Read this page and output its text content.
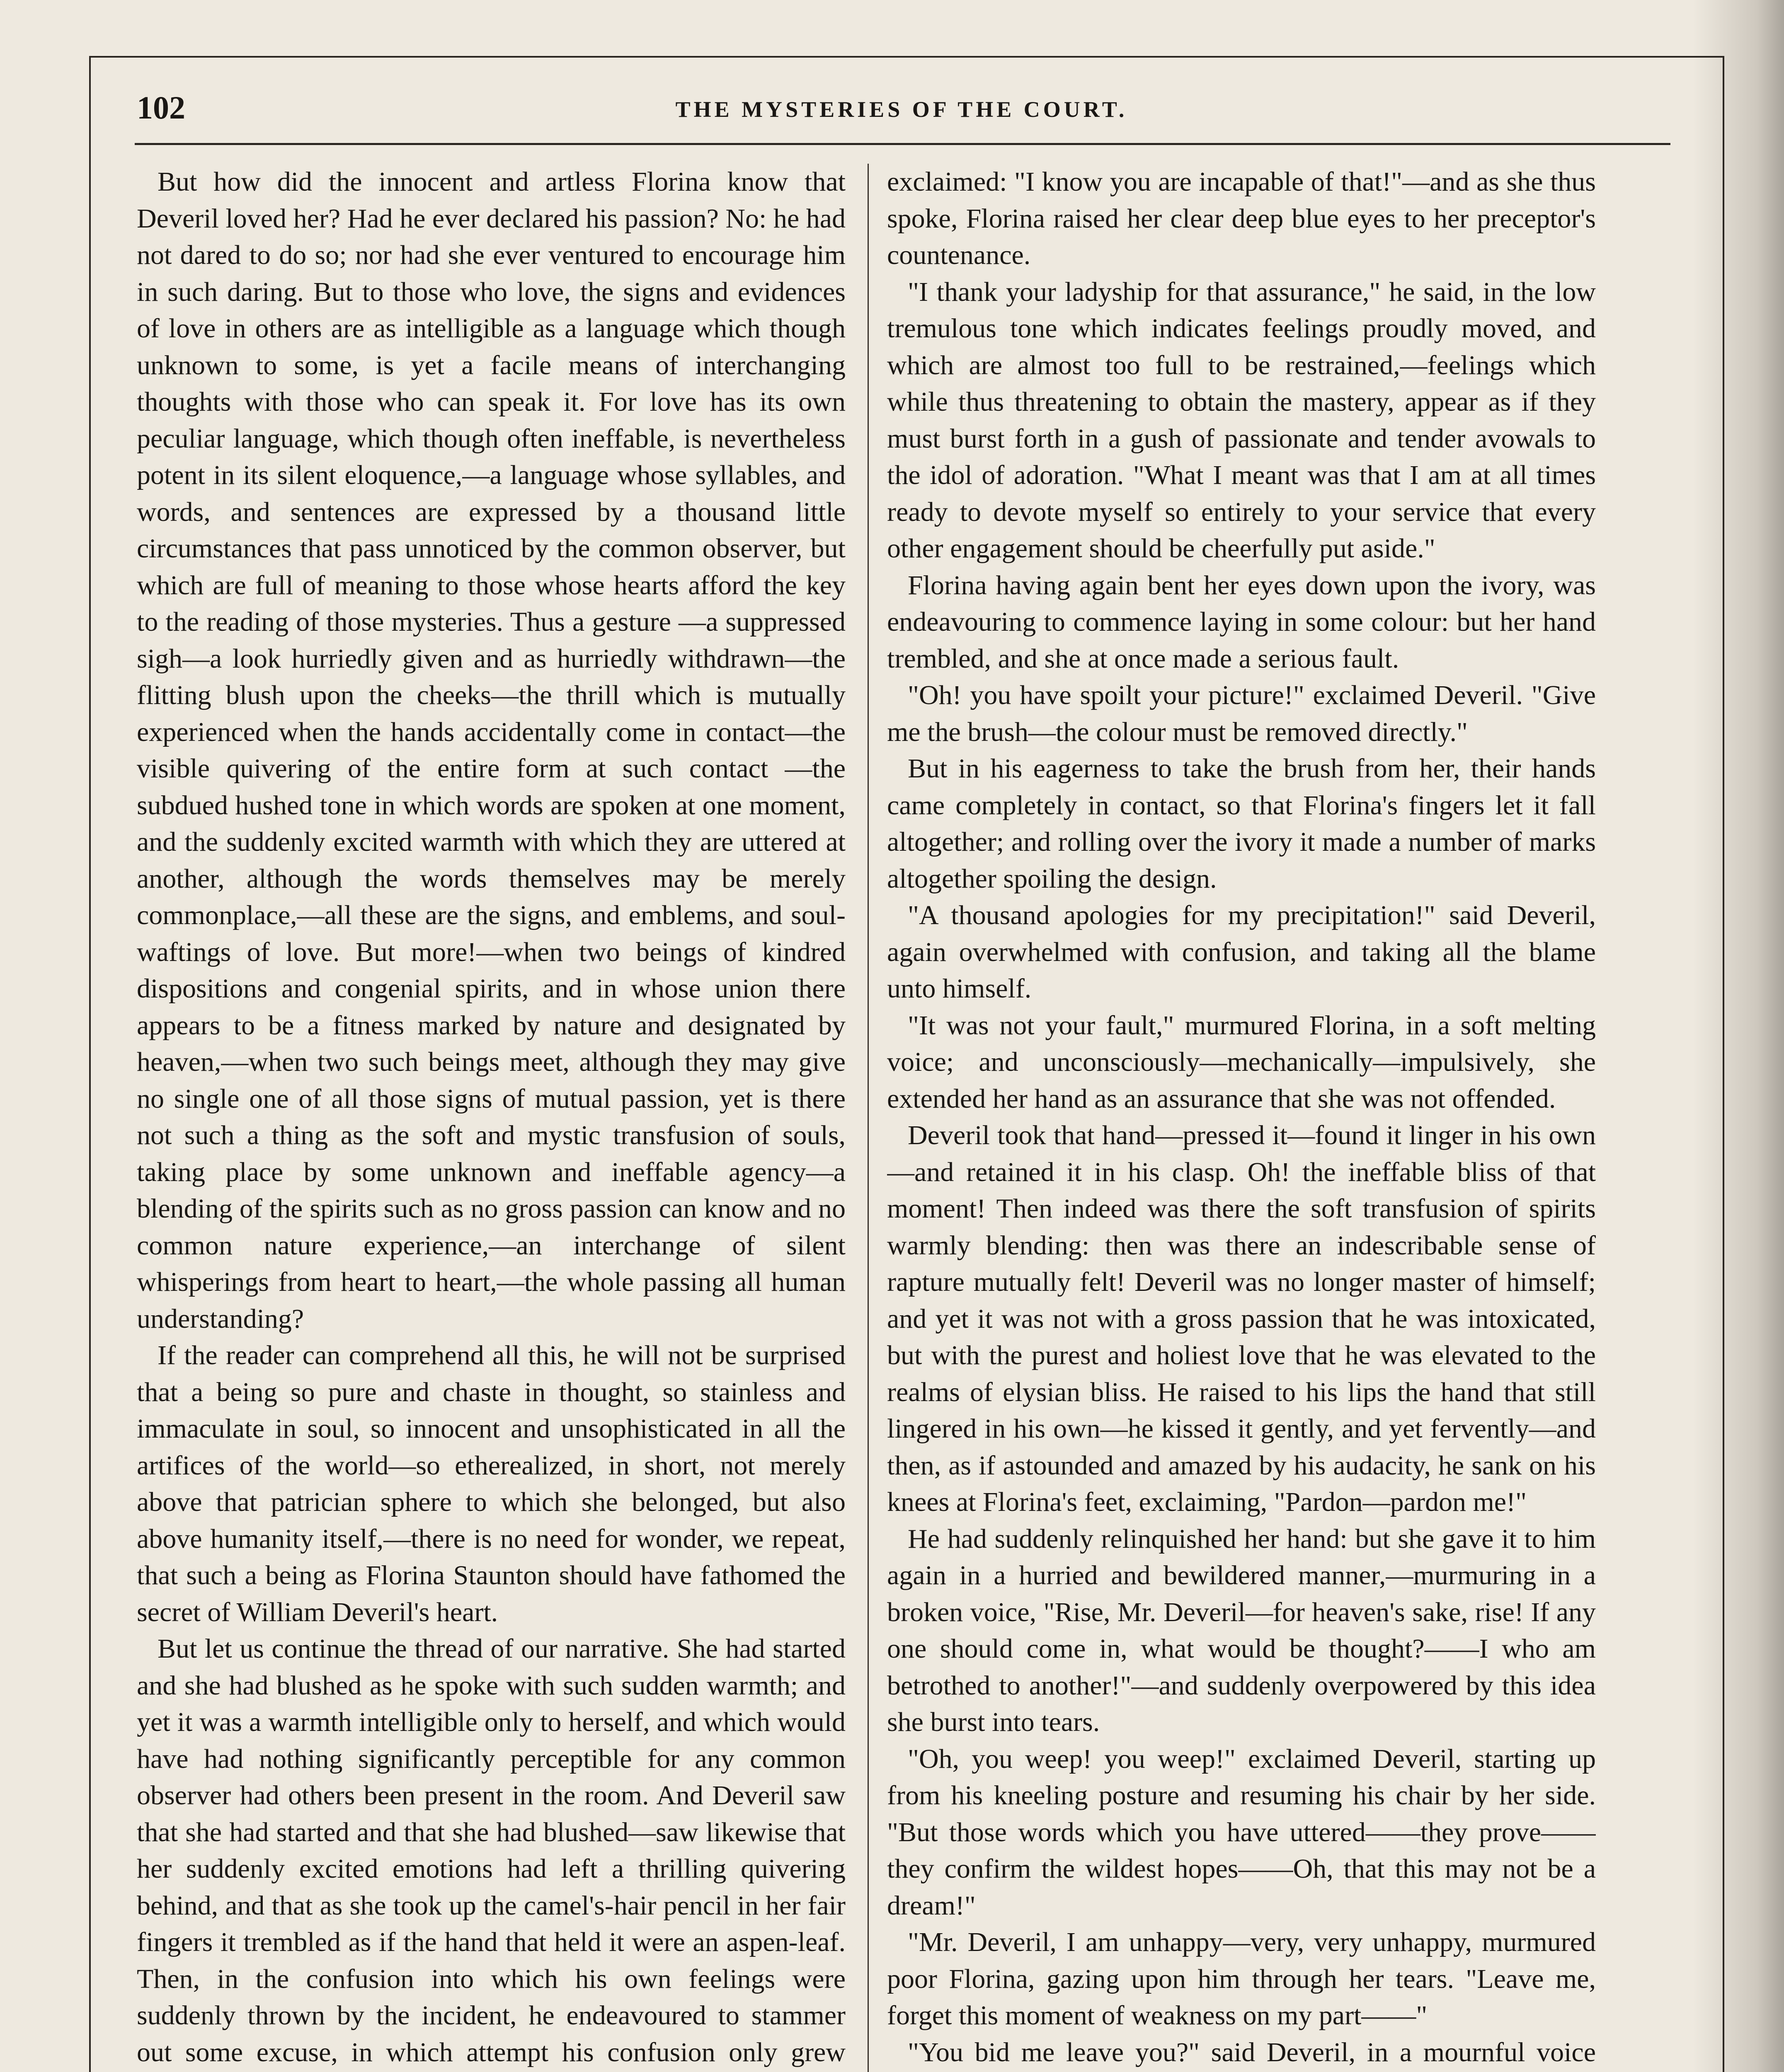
102	THE MYSTERIES OF THE COURT.

But how did the innocent and artless Florina know that Deveril loved her? Had he ever declared his passion? No: he had not dared to do so; nor had she ever ventured to encourage him in such daring. But to those who love, the signs and evidences of love in others are as intelligible as a language which though unknown to some, is yet a facile means of interchanging thoughts with those who can speak it. For love has its own peculiar language, which though often ineffable, is nevertheless potent in its silent eloquence,—a language whose syllables, and words, and sentences are expressed by a thousand little circumstances that pass unnoticed by the common observer, but which are full of meaning to those whose hearts afford the key to the reading of those mysteries. Thus a gesture —a suppressed sigh—a look hurriedly given and as hurriedly withdrawn—the flitting blush upon the cheeks—the thrill which is mutually experienced when the hands accidentally come in contact—the visible quivering of the entire form at such contact —the subdued hushed tone in which words are spoken at one moment, and the suddenly excited warmth with which they are uttered at another, although the words themselves may be merely commonplace,—all these are the signs, and emblems, and soul-waftings of love. But more!—when two beings of kindred dispositions and congenial spirits, and in whose union there appears to be a fitness marked by nature and designated by heaven,—when two such beings meet, although they may give no single one of all those signs of mutual passion, yet is there not such a thing as the soft and mystic transfusion of souls, taking place by some unknown and ineffable agency—a blending of the spirits such as no gross passion can know and no common nature experience,—an interchange of silent whisperings from heart to heart,—the whole passing all human understanding?

If the reader can comprehend all this, he will not be surprised that a being so pure and chaste in thought, so stainless and immaculate in soul, so innocent and unsophisticated in all the artifices of the world—so etherealized, in short, not merely above that patrician sphere to which she belonged, but also above humanity itself,—there is no need for wonder, we repeat, that such a being as Florina Staunton should have fathomed the secret of William Deveril's heart.

But let us continue the thread of our narrative. She had started and she had blushed as he spoke with such sudden warmth; and yet it was a warmth intelligible only to herself, and which would have had nothing significantly perceptible for any common observer had others been present in the room. And Deveril saw that she had started and that she had blushed—saw likewise that her suddenly excited emotions had left a thrilling quivering behind, and that as she took up the camel's-hair pencil in her fair fingers it trembled as if the hand that held it were an aspen-leaf. Then, in the confusion into which his own feelings were suddenly thrown by the incident, he endeavoured to stammer out some excuse, in which attempt his confusion only grew

exclaimed: "I know you are incapable of that!"—and as she thus spoke, Florina raised her clear deep blue eyes to her preceptor's countenance.

"I thank your ladyship for that assurance," he said, in the low tremulous tone which indicates feelings proudly moved, and which are almost too full to be restrained,—feelings which while thus threatening to obtain the mastery, appear as if they must burst forth in a gush of passionate and tender avowals to the idol of adoration. "What I meant was that I am at all times ready to devote myself so entirely to your service that every other engagement should be cheerfully put aside."

Florina having again bent her eyes down upon the ivory, was endeavouring to commence laying in some colour: but her hand trembled, and she at once made a serious fault.

"Oh! you have spoilt your picture!" exclaimed Deveril. "Give me the brush—the colour must be removed directly."

But in his eagerness to take the brush from her, their hands came completely in contact, so that Florina's fingers let it fall altogether; and rolling over the ivory it made a number of marks altogether spoiling the design.

"A thousand apologies for my precipitation!" said Deveril, again overwhelmed with confusion, and taking all the blame unto himself.

"It was not your fault," murmured Florina, in a soft melting voice; and unconsciously—mechanically—impulsively, she extended her hand as an assurance that she was not offended.

Deveril took that hand—pressed it—found it linger in his own—and retained it in his clasp. Oh! the ineffable bliss of that moment! Then indeed was there the soft transfusion of spirits warmly blending: then was there an indescribable sense of rapture mutually felt! Deveril was no longer master of himself; and yet it was not with a gross passion that he was intoxicated, but with the purest and holiest love that he was elevated to the realms of elysian bliss. He raised to his lips the hand that still lingered in his own—he kissed it gently, and yet fervently—and then, as if astounded and amazed by his audacity, he sank on his knees at Florina's feet, exclaiming, "Pardon—pardon me!"

He had suddenly relinquished her hand: but she gave it to him again in a hurried and bewildered manner,—murmuring in a broken voice, "Rise, Mr. Deveril—for heaven's sake, rise! If any one should come in, what would be thought?——I who am betrothed to another!"—and suddenly overpowered by this idea she burst into tears.

"Oh, you weep! you weep!" exclaimed Deveril, starting up from his kneeling posture and resuming his chair by her side. "But those words which you have uttered——they prove——they confirm the wildest hopes——Oh, that this may not be a dream!"

"Mr. Deveril, I am unhappy—very, very unhappy, murmured poor Florina, gazing upon him through her tears. "Leave me, forget this moment of weakness on my part——"

"You bid me leave you?" said Deveril, in a mournful voice
